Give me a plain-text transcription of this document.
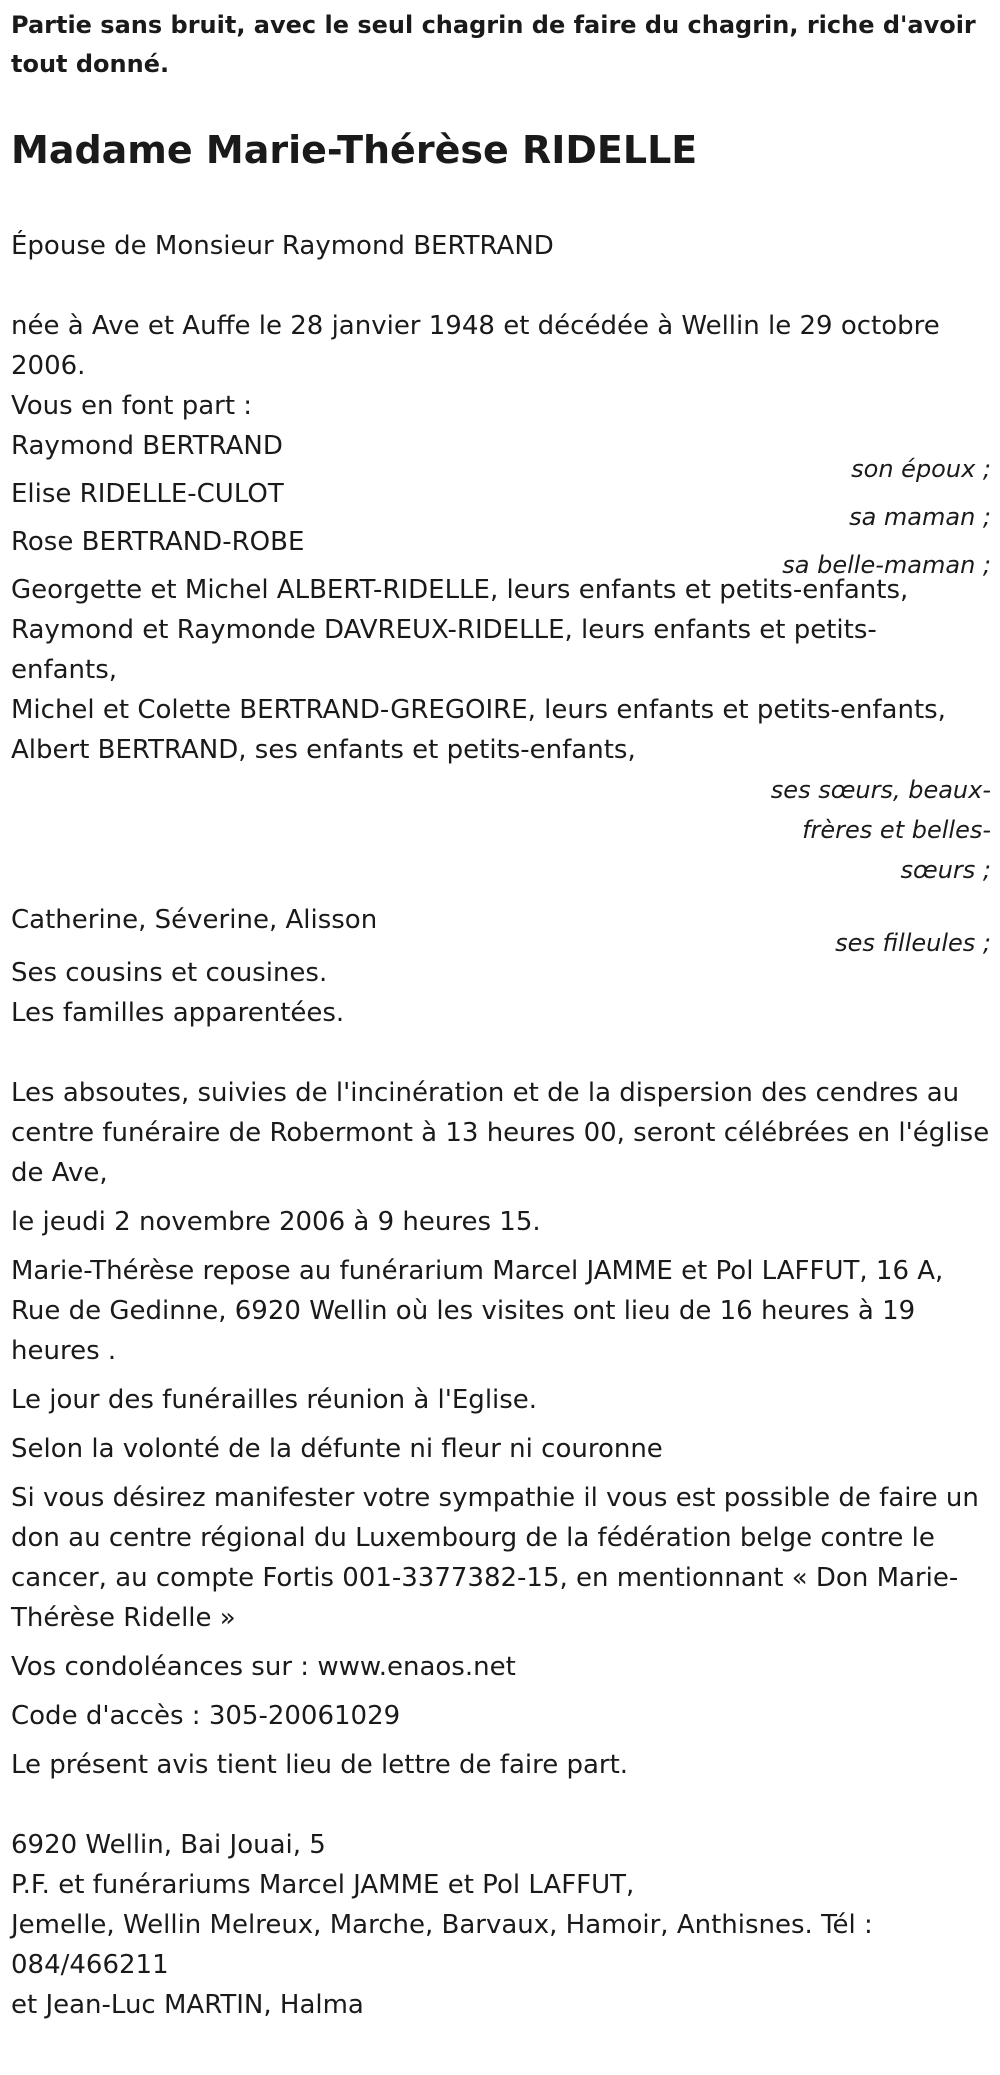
Partie sans bruit, avec le seul chagrin de faire du chagrin, riche d'avoir tout donné.

Madame Marie-Thérèse RIDELLE

Épouse de Monsieur Raymond BERTRAND

née à Ave et Auffe le 28 janvier 1948 et décédée à Wellin le 29 octobre 2006.

Vous en font part :

Raymond BERTRAND

son époux ;

Elise RIDELLE-CULOT

sa maman ;

Rose BERTRAND-ROBE

sa belle-maman ;

Georgette et Michel ALBERT-RIDELLE, leurs enfants et petits-enfants,

Raymond et Raymonde DAVREUX-RIDELLE, leurs enfants et petits-enfants,

Michel et Colette BERTRAND-GREGOIRE, leurs enfants et petits-enfants,

Albert BERTRAND, ses enfants et petits-enfants,

ses sœurs, beaux-frères et belles-sœurs ;

Catherine, Séverine, Alisson

ses filleules ;

Ses cousins et cousines.

Les familles apparentées.

Les absoutes, suivies de l'incinération et de la dispersion des cendres au centre funéraire de Robermont à 13 heures 00, seront célébrées en l'église de Ave,

le jeudi 2 novembre 2006 à 9 heures 15.

Marie-Thérèse repose au funérarium Marcel JAMME et Pol LAFFUT, 16 A, Rue de Gedinne, 6920 Wellin où les visites ont lieu de 16 heures à 19 heures .

Le jour des funérailles réunion à l'Eglise.

Selon la volonté de la défunte ni fleur ni couronne

Si vous désirez manifester votre sympathie il vous est possible de faire un don au centre régional du Luxembourg de la fédération belge contre le cancer, au compte Fortis 001-3377382-15, en mentionnant « Don Marie-Thérèse Ridelle »

Vos condoléances sur : www.enaos.net

Code d'accès : 305-20061029

Le présent avis tient lieu de lettre de faire part.

6920 Wellin, Bai Jouai, 5

P.F. et funérariums Marcel JAMME et Pol LAFFUT,

Jemelle, Wellin Melreux, Marche, Barvaux, Hamoir, Anthisnes. Tél : 084/466211

et Jean-Luc MARTIN, Halma
